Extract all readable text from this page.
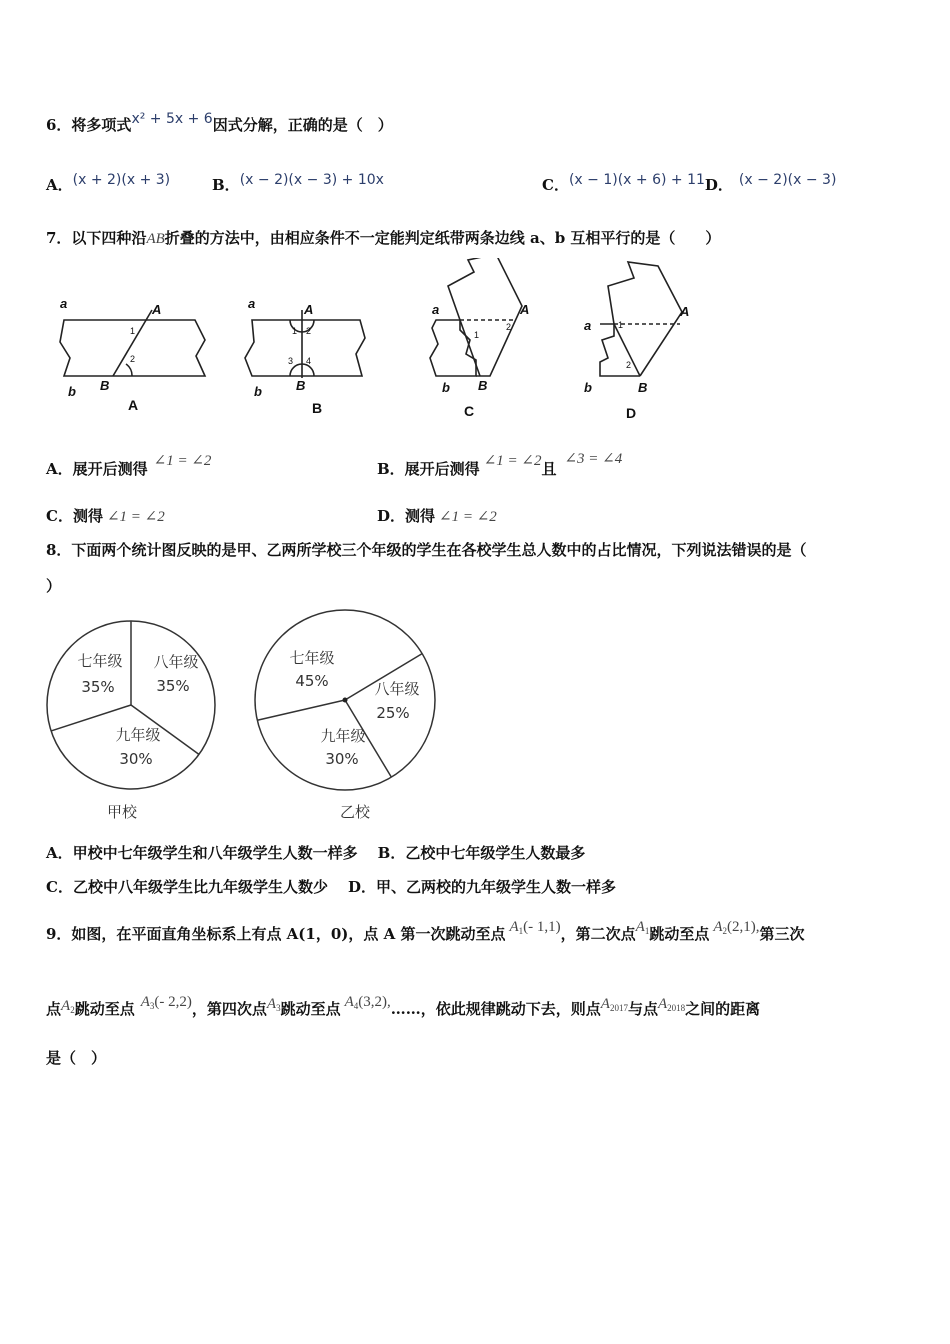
6．将多项式x² + 5x + 6因式分解，正确的是（　）
A．(x + 2)(x + 3)	B．(x − 2)(x − 3) + 10x	C．(x − 1)(x + 6) + 11D． (x − 2)(x − 3)
7．以下四种沿AB折叠的方法中，由相应条件不一定能判定纸带两条边线 a、b 互相平行的是（　　）
a	A
b B
a	A
b	B
a	A
b B
a
A
b	B
1
2
1 2
3 4
1
2	1
2
A	B	C	D
A．展开后测得 ∠1 = ∠2	B．展开后测得 ∠1 = ∠2且∠3 = ∠4
C．测得 ∠1 = ∠2	D．测得 ∠1 = ∠2
8．下面两个统计图反映的是甲、乙两所学校三个年级的学生在各校学生总人数中的占比情况，下列说法错误的是（
）
七年级
35%
八年级
35%
九年级
30%
甲校
七年级
45%	八年级
25%
九年级
30%
乙校
A．甲校中七年级学生和八年级学生人数一样多 B．乙校中七年级学生人数最多
C．乙校中八年级学生比九年级学生人数少 D．甲、乙两校的九年级学生人数一样多
9．如图，在平面直角坐标系上有点 A(1，0)，点 A 第一次跳动至点 $A_1(-$ 1,1)，第二次点$A_1$跳动至点 $A_2(2,1)$,第三次
点$A_2$跳动至点 $A_3(-$ 2,2)，第四次点$A_3$跳动至点 $A_4(3,2),\dots\dots$，依此规律跳动下去，则点$A_{2017}$与点$A_{2018}$之间的距离
是（　）
